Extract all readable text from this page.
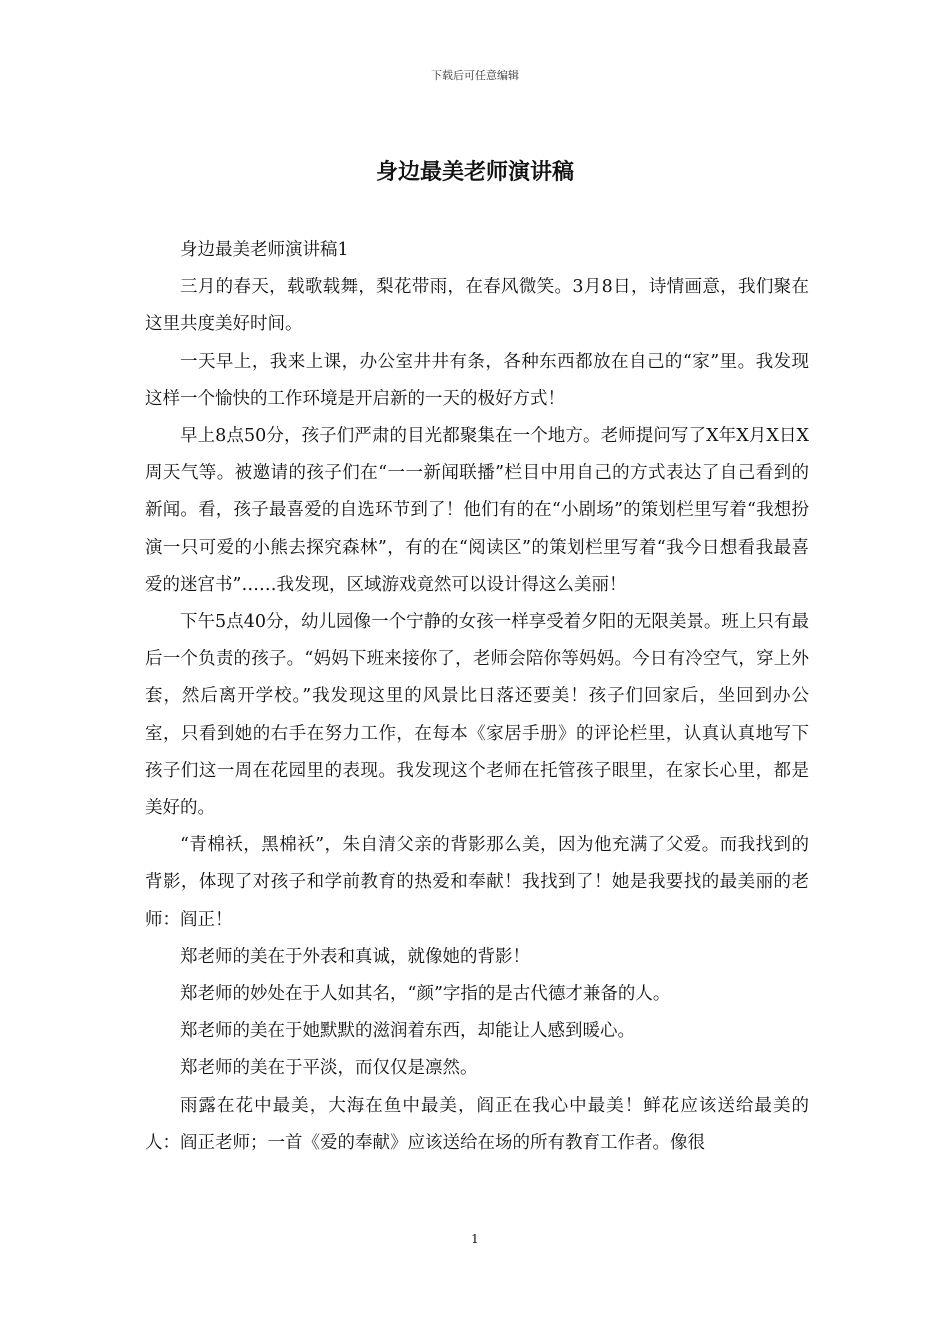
下载后可任意编辑
身边最美老师演讲稿

身边最美老师演讲稿1

三月的春天，载歌载舞，梨花带雨，在春风微笑。3月8日，诗情画意，我们聚在这里共度美好时间。

一天早上，我来上课，办公室井井有条，各种东西都放在自己的“家”里。我发现这样一个愉快的工作环境是开启新的一天的极好方式！

早上8点50分，孩子们严肃的目光都聚集在一个地方。老师提问写了X年X月X日X周天气等。被邀请的孩子们在“一一新闻联播”栏目中用自己的方式表达了自己看到的新闻。看，孩子最喜爱的自选环节到了！他们有的在“小剧场”的策划栏里写着“我想扮演一只可爱的小熊去探究森林”，有的在“阅读区”的策划栏里写着“我今日想看我最喜爱的迷宫书”……我发现，区域游戏竟然可以设计得这么美丽！

下午5点40分，幼儿园像一个宁静的女孩一样享受着夕阳的无限美景。班上只有最后一个负责的孩子。“妈妈下班来接你了，老师会陪你等妈妈。今日有冷空气，穿上外套，然后离开学校。”我发现这里的风景比日落还要美！孩子们回家后，坐回到办公室，只看到她的右手在努力工作，在每本《家居手册》的评论栏里，认真认真地写下孩子们这一周在花园里的表现。我发现这个老师在托管孩子眼里，在家长心里，都是美好的。

“青棉袄，黑棉袄”，朱自清父亲的背影那么美，因为他充满了父爱。而我找到的背影，体现了对孩子和学前教育的热爱和奉献！我找到了！她是我要找的最美丽的老师：阎正！

郑老师的美在于外表和真诚，就像她的背影！

郑老师的妙处在于人如其名，“颜”字指的是古代德才兼备的人。

郑老师的美在于她默默的滋润着东西，却能让人感到暖心。

郑老师的美在于平淡，而仅仅是凛然。

雨露在花中最美，大海在鱼中最美，阎正在我心中最美！鲜花应该送给最美的人：阎正老师；一首《爱的奉献》应该送给在场的所有教育工作者。像很

1
